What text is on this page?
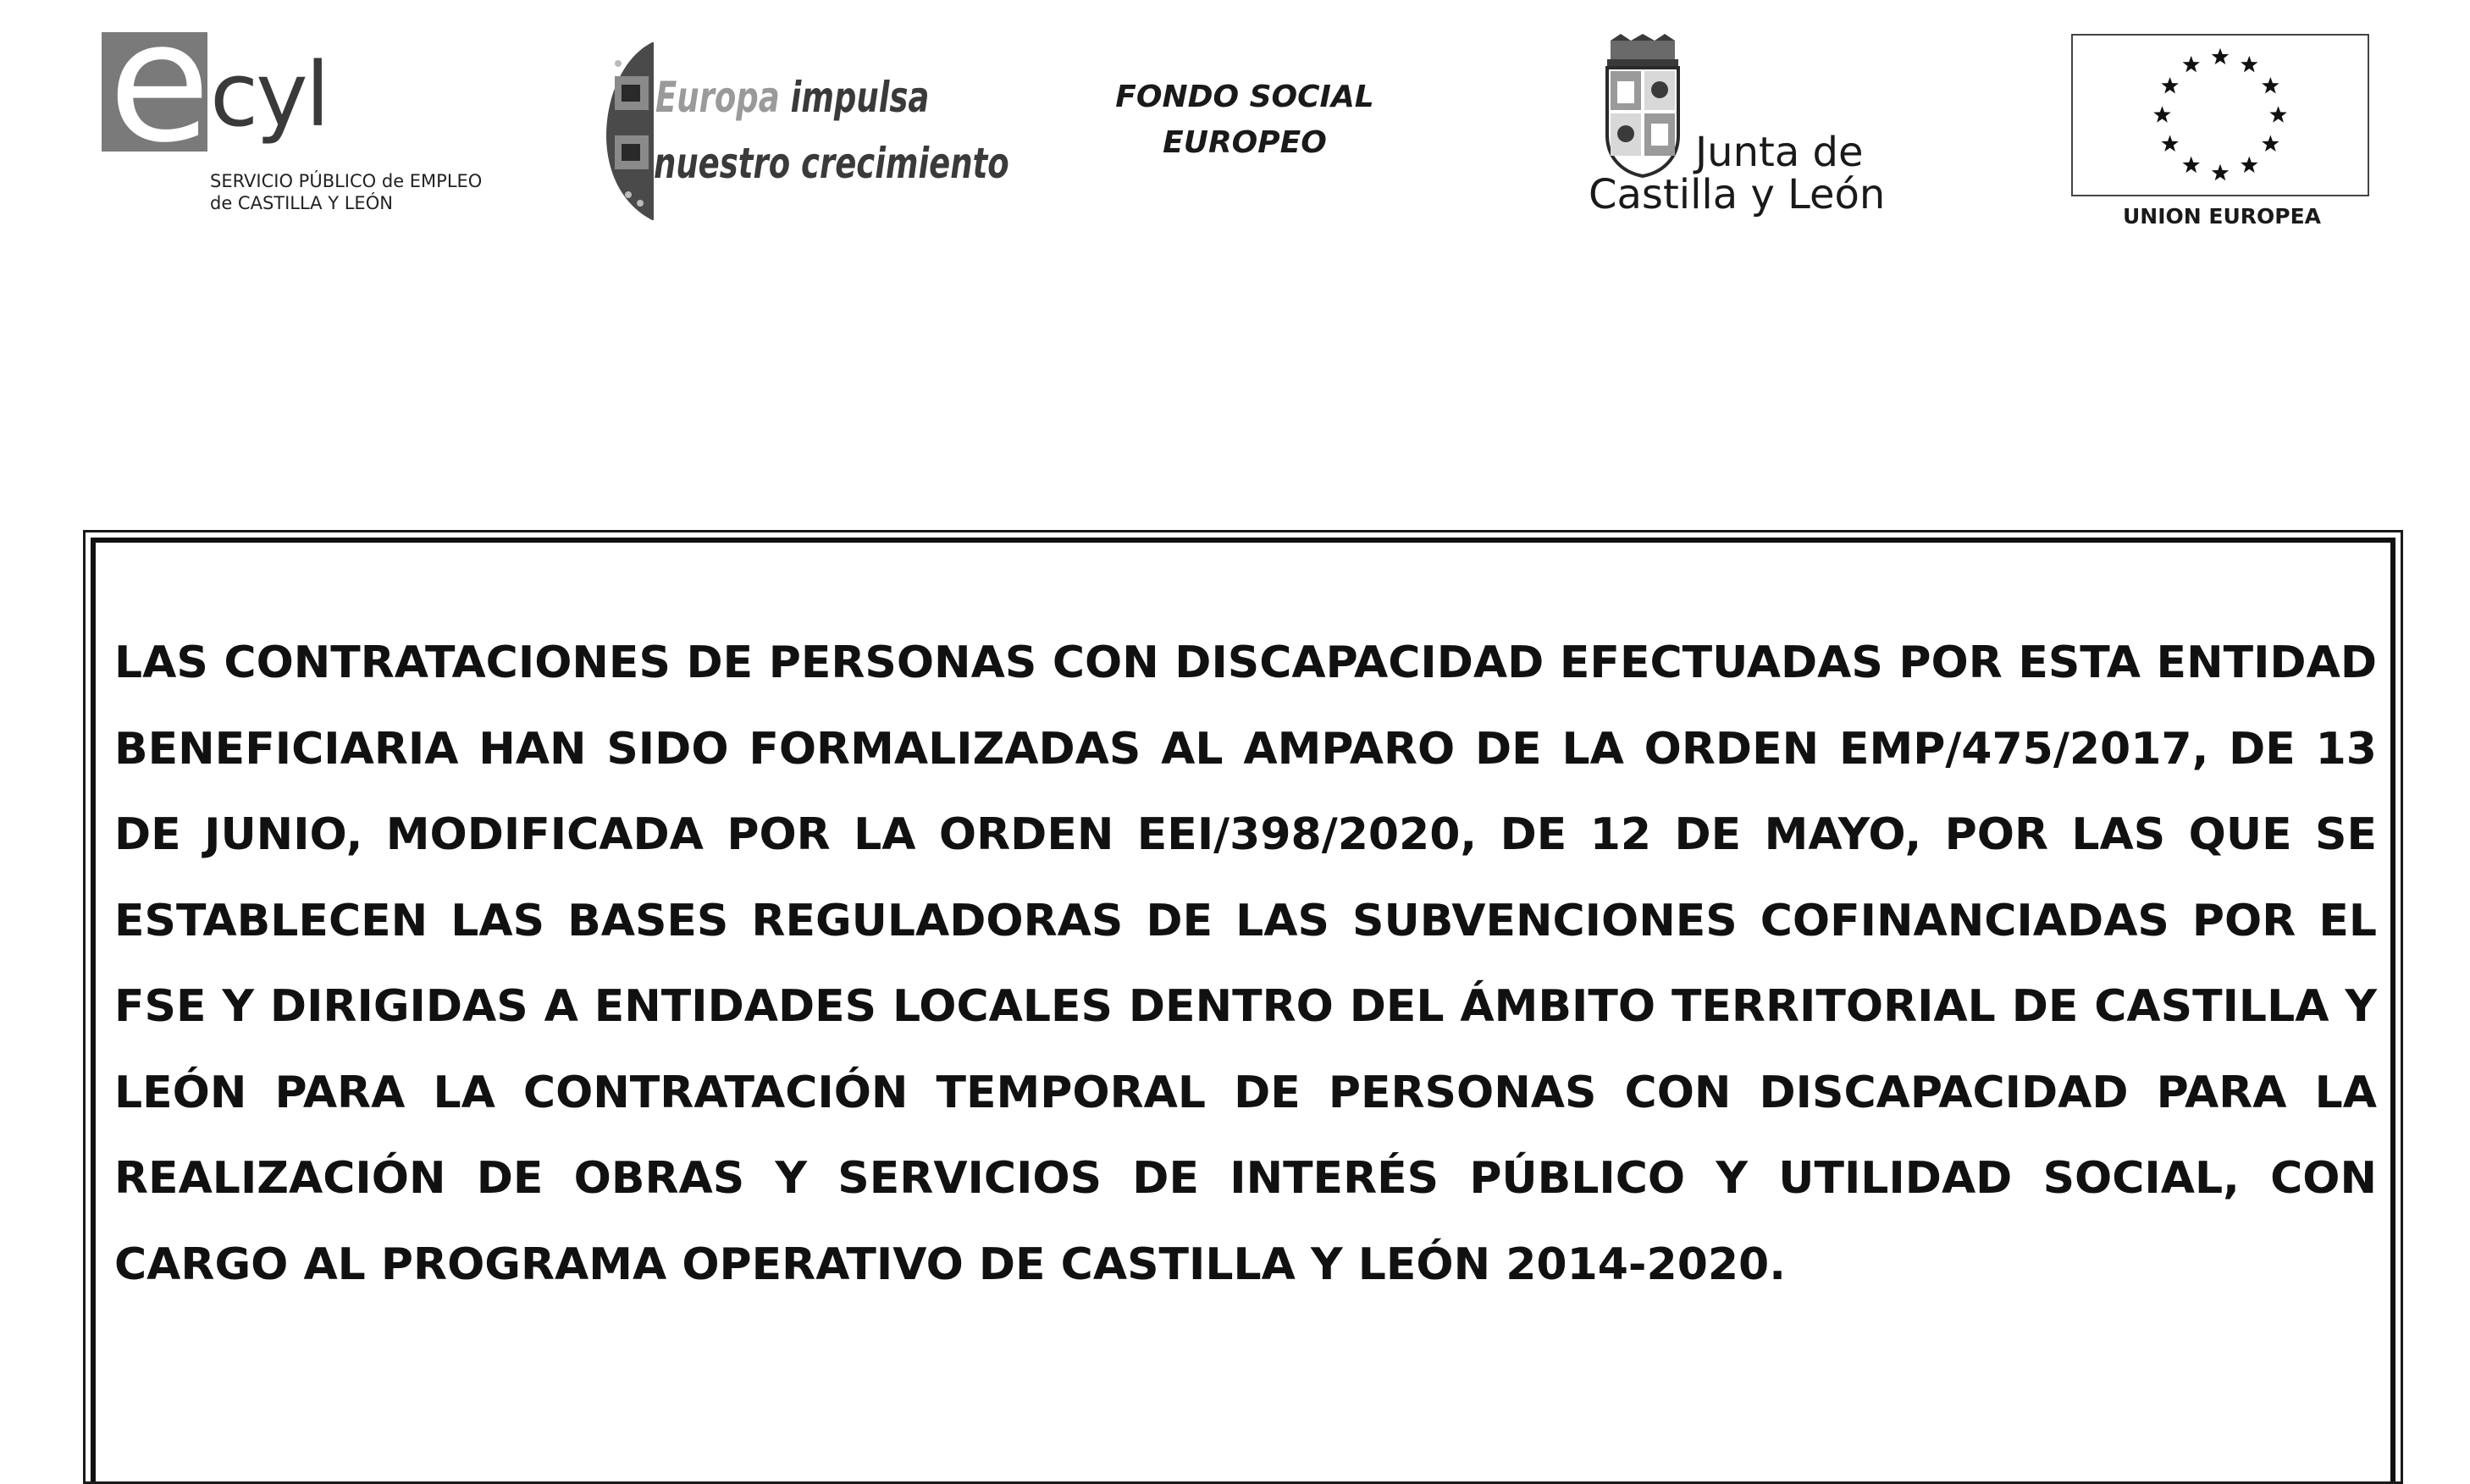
e cyl
SERVICIO PÚBLICO de EMPLEO
de CASTILLA Y LEÓN
Europa impulsa
nuestro crecimiento
FONDO SOCIAL
EUROPEO	Junta de
Castilla y León	UNION EUROPEA

LAS CONTRATACIONES DE PERSONAS CON DISCAPACIDAD EFECTUADAS POR ESTA ENTIDAD BENEFICIARIA HAN SIDO FORMALIZADAS AL AMPARO DE LA ORDEN EMP/475/2017, DE 13 DE JUNIO, MODIFICADA POR LA ORDEN EEI/398/2020, DE 12 DE MAYO, POR LAS QUE SE ESTABLECEN LAS BASES REGULADORAS DE LAS SUBVENCIONES COFINANCIADAS POR EL FSE Y DIRIGIDAS A ENTIDADES LOCALES DENTRO DEL ÁMBITO TERRITORIAL DE CASTILLA Y LEÓN PARA LA CONTRATACIÓN TEMPORAL DE PERSONAS CON DISCAPACIDAD PARA LA REALIZACIÓN DE OBRAS Y SERVICIOS DE INTERÉS PÚBLICO Y UTILIDAD SOCIAL, CON CARGO AL PROGRAMA OPERATIVO DE CASTILLA Y LEÓN 2014-2020.
